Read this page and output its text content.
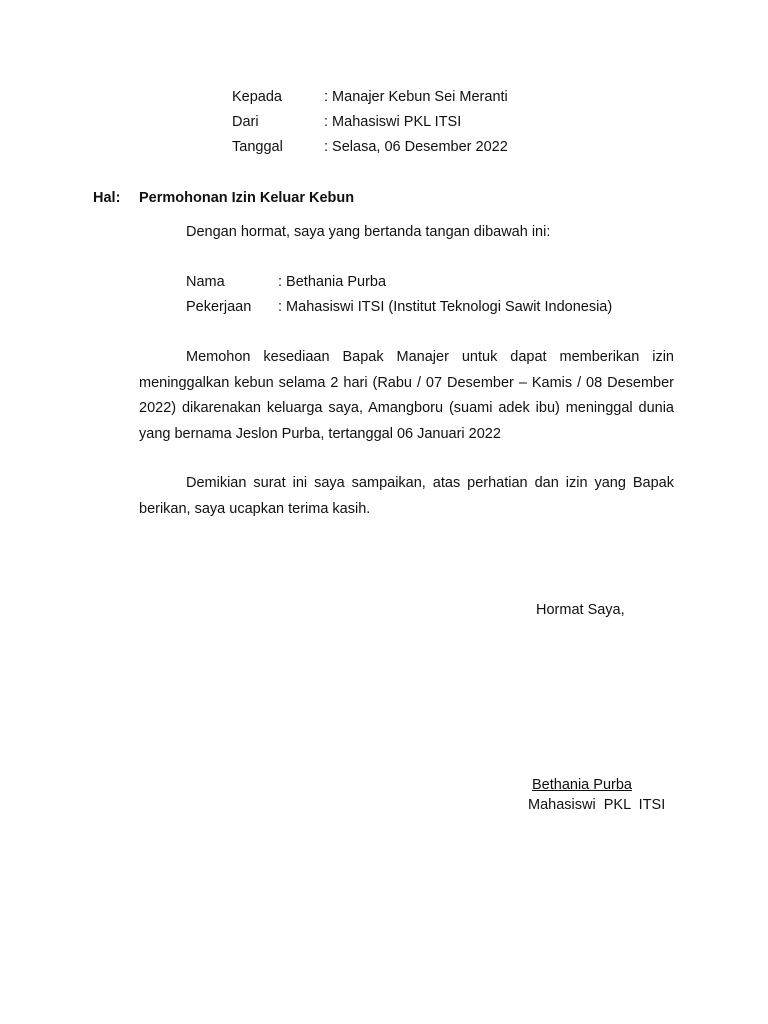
Kepada	: Manajer Kebun Sei Meranti
Dari	: Mahasiswi PKL ITSI
Tanggal	: Selasa, 06 Desember 2022
Hal: Permohonan Izin Keluar Kebun
Dengan hormat, saya yang bertanda tangan dibawah ini:
Nama	: Bethania Purba
Pekerjaan : Mahasiswi ITSI (Institut Teknologi Sawit Indonesia)

Memohon kesediaan Bapak Manajer untuk dapat memberikan izin meninggalkan kebun selama 2 hari (Rabu / 07 Desember – Kamis / 08 Desember 2022) dikarenakan keluarga saya, Amangboru (suami adek ibu) meninggal dunia yang bernama Jeslon Purba, tertanggal 06 Januari 2022

Demikian surat ini saya sampaikan, atas perhatian dan izin yang Bapak berikan, saya ucapkan terima kasih.

Hormat Saya,
Bethania Purba
Mahasiswi  PKL  ITSI
